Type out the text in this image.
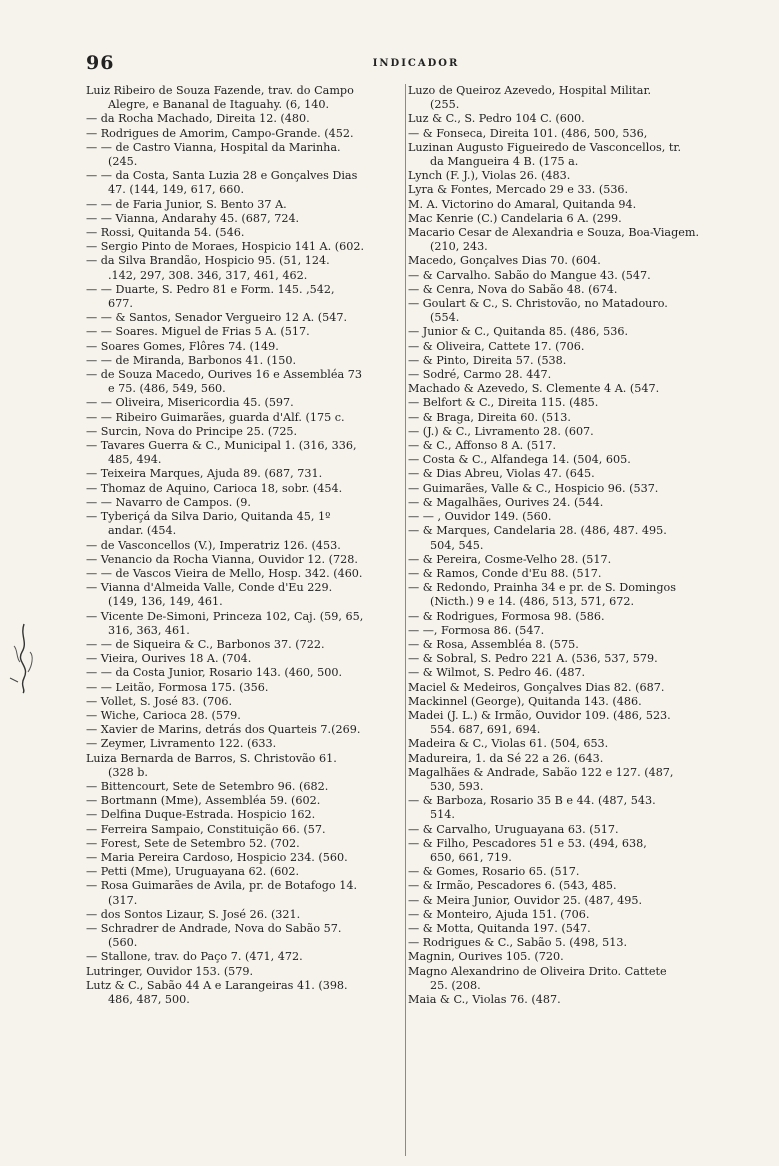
96	INDICADOR
Luiz Ribeiro de Souza Fazende, trav. do Campo
Alegre, e Bananal de Itaguahy. (6, 140.
— da Rocha Machado, Direita 12. (480.
— Rodrigues de Amorim, Campo-Grande. (452.
— — de Castro Vianna, Hospital da Marinha.
(245.
— — da Costa, Santa Luzia 28 e Gonçalves Dias
47. (144, 149, 617, 660.
— — de Faria Junior, S. Bento 37 A.
— — Vianna, Andarahy 45. (687, 724.
— Rossi, Quitanda 54. (546.
— Sergio Pinto de Moraes, Hospicio 141 A. (602.
— da Silva Brandão, Hospicio 95. (51, 124.
.142, 297, 308. 346, 317, 461, 462.
— — Duarte, S. Pedro 81 e Form. 145. ,542,
677.
— — & Santos, Senador Vergueiro 12 A. (547.
— — Soares. Miguel de Frias 5 A. (517.
— Soares Gomes, Flôres 74. (149.
— — de Miranda, Barbonos 41. (150.
— de Souza Macedo, Ourives 16 e Assembléa 73
e 75. (486, 549, 560.
— — Oliveira, Misericordia 45. (597.
— — Ribeiro Guimarães, guarda d'Alf. (175 c.
— Surcin, Nova do Principe 25. (725.
— Tavares Guerra & C., Municipal 1. (316, 336,
485, 494.
— Teixeira Marques, Ajuda 89. (687, 731.
— Thomaz de Aquino, Carioca 18, sobr. (454.
— — Navarro de Campos. (9.
— Tyberiçá da Silva Dario, Quitanda 45, 1º
andar. (454.
— de Vasconcellos (V.), Imperatriz 126. (453.
— Venancio da Rocha Vianna, Ouvidor 12. (728.
— — de Vascos Vieira de Mello, Hosp. 342. (460.
— Vianna d'Almeida Valle, Conde d'Eu 229.
(149, 136, 149, 461.
— Vicente De-Simoni, Princeza 102, Caj. (59, 65,
316, 363, 461.
— — de Siqueira & C., Barbonos 37. (722.
— Vieira, Ourives 18 A. (704.
— — da Costa Junior, Rosario 143. (460, 500.
— — Leitão, Formosa 175. (356.
— Vollet, S. José 83. (706.
— Wiche, Carioca 28. (579.
— Xavier de Marins, detrás dos Quarteis 7.(269.
— Zeymer, Livramento 122. (633.
Luiza Bernarda de Barros, S. Christovão 61.
(328 b.
— Bittencourt, Sete de Setembro 96. (682.
— Bortmann (Mme), Assembléa 59. (602.
— Delfina Duque-Estrada. Hospicio 162.
— Ferreira Sampaio, Constituição 66. (57.
— Forest, Sete de Setembro 52. (702.
— Maria Pereira Cardoso, Hospicio 234. (560.
— Petti (Mme), Uruguayana 62. (602.
— Rosa Guimarães de Avila, pr. de Botafogo 14.
(317.
— dos Sontos Lizaur, S. José 26. (321.
— Schradrer de Andrade, Nova do Sabão 57.
(560.
— Stallone, trav. do Paço 7. (471, 472.
Lutringer, Ouvidor 153. (579.
Lutz & C., Sabão 44 A e Larangeiras 41. (398.
486, 487, 500.
Luzo de Queiroz Azevedo, Hospital Militar.
(255.
Luz & C., S. Pedro 104 C. (600.
— & Fonseca, Direita 101. (486, 500, 536,
Luzinan Augusto Figueiredo de Vasconcellos, tr.
da Mangueira 4 B. (175 a.
Lynch (F. J.), Violas 26. (483.
Lyra & Fontes, Mercado 29 e 33. (536.
M. A. Victorino do Amaral, Quitanda 94.
Mac Kenrie (C.) Candelaria 6 A. (299.
Macario Cesar de Alexandria e Souza, Boa-Viagem.
(210, 243.
Macedo, Gonçalves Dias 70. (604.
— & Carvalho. Sabão do Mangue 43. (547.
— & Cenra, Nova do Sabão 48. (674.
— Goulart & C., S. Christovão, no Matadouro.
(554.
— Junior & C., Quitanda 85. (486, 536.
— & Oliveira, Cattete 17. (706.
— & Pinto, Direita 57. (538.
— Sodré, Carmo 28. 447.
Machado & Azevedo, S. Clemente 4 A. (547.
— Belfort & C., Direita 115. (485.
— & Braga, Direita 60. (513.
— (J.) & C., Livramento 28. (607.
— & C., Affonso 8 A. (517.
— Costa & C., Alfandega 14. (504, 605.
— & Dias Abreu, Violas 47. (645.
— Guimarães, Valle & C., Hospicio 96. (537.
— & Magalhães, Ourives 24. (544.
— — , Ouvidor 149. (560.
— & Marques, Candelaria 28. (486, 487. 495.
504, 545.
— & Pereira, Cosme-Velho 28. (517.
— & Ramos, Conde d'Eu 88. (517.
— & Redondo, Prainha 34 e pr. de S. Domingos
(Nicth.) 9 e 14. (486, 513, 571, 672.
— & Rodrigues, Formosa 98. (586.
— —, Formosa 86. (547.
— & Rosa, Assembléa 8. (575.
— & Sobral, S. Pedro 221 A. (536, 537, 579.
— & Wilmot, S. Pedro 46. (487.
Maciel & Medeiros, Gonçalves Dias 82. (687.
Mackinnel (George), Quitanda 143. (486.
Madei (J. L.) & Irmão, Ouvidor 109. (486, 523.
554. 687, 691, 694.
Madeira & C., Violas 61. (504, 653.
Madureira, 1. da Sé 22 a 26. (643.
Magalhães & Andrade, Sabão 122 e 127. (487,
530, 593.
— & Barboza, Rosario 35 B e 44. (487, 543.
514.
— & Carvalho, Uruguayana 63. (517.
— & Filho, Pescadores 51 e 53. (494, 638,
650, 661, 719.
— & Gomes, Rosario 65. (517.
— & Irmão, Pescadores 6. (543, 485.
— & Meira Junior, Ouvidor 25. (487, 495.
— & Monteiro, Ajuda 151. (706.
— & Motta, Quitanda 197. (547.
— Rodrigues & C., Sabão 5. (498, 513.
Magnin, Ourives 105. (720.
Magno Alexandrino de Oliveira Drito. Cattete
25. (208.
Maia & C., Violas 76. (487.
